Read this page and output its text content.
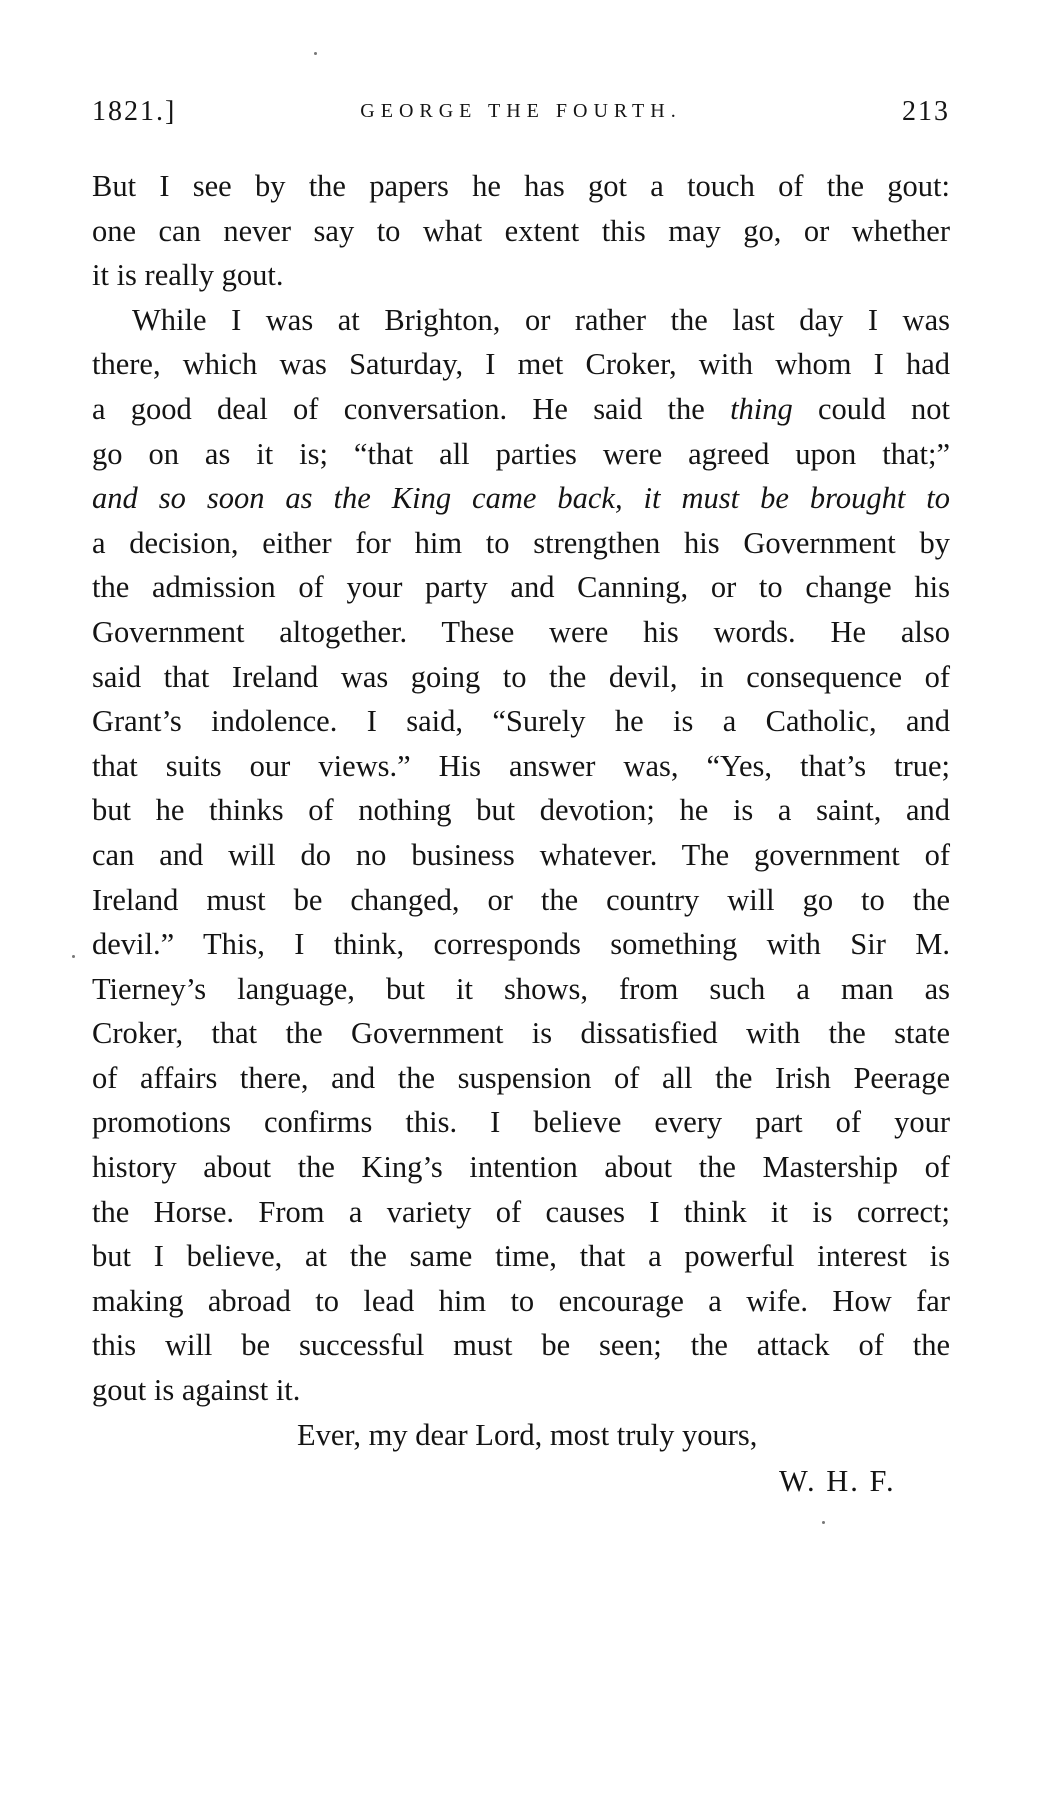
1821.]	GEORGE THE FOURTH.	213
But I see by the papers he has got a touch of the gout:
one can never say to what extent this may go, or whether
it is really gout.
While I was at Brighton, or rather the last day I was
there, which was Saturday, I met Croker, with whom I had
a good deal of conversation. He said the thing could not
go on as it is; “that all parties were agreed upon that;”
and so soon as the King came back, it must be brought to
a decision, either for him to strengthen his Government by
the admission of your party and Canning, or to change his
Government altogether. These were his words. He also
said that Ireland was going to the devil, in consequence of
Grant’s indolence. I said, “Surely he is a Catholic, and
that suits our views.” His answer was, “Yes, that’s true;
but he thinks of nothing but devotion; he is a saint, and
can and will do no business whatever. The government of
Ireland must be changed, or the country will go to the
devil.” This, I think, corresponds something with Sir M.
Tierney’s language, but it shows, from such a man as
Croker, that the Government is dissatisfied with the state
of affairs there, and the suspension of all the Irish Peerage
promotions confirms this. I believe every part of your
history about the King’s intention about the Mastership of
the Horse. From a variety of causes I think it is correct;
but I believe, at the same time, that a powerful interest is
making abroad to lead him to encourage a wife. How far
this will be successful must be seen; the attack of the
gout is against it.
Ever, my dear Lord, most truly yours,
W. H. F.
